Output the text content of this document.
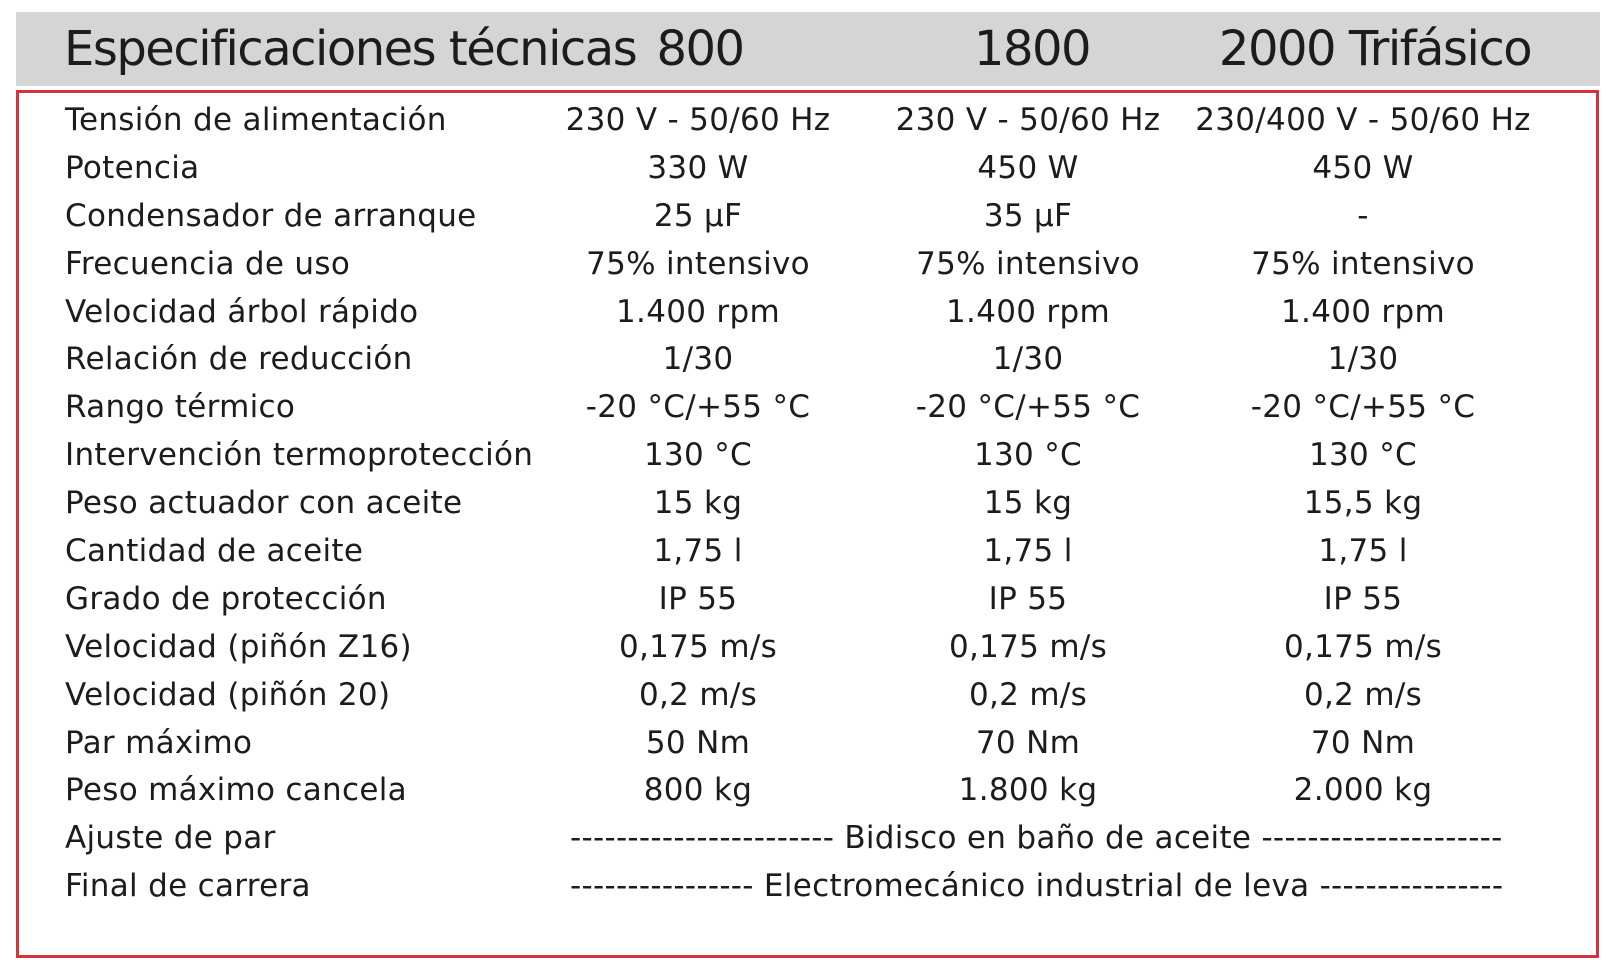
Especificaciones técnicas 800	1800	2000 Trifásico
Tensión de alimentación	230 V - 50/60 Hz	230 V - 50/60 Hz	230/400 V - 50/60 Hz
Potencia	330 W	450 W	450 W
Condensador de arranque	25 μF	35 μF	-
Frecuencia de uso	75% intensivo	75% intensivo	75% intensivo
Velocidad árbol rápido	1.400 rpm	1.400 rpm	1.400 rpm
Relación de reducción	1/30	1/30	1/30
Rango térmico	-20 °C/+55 °C	-20 °C/+55 °C	-20 °C/+55 °C
Intervención termoprotección	130 °C	130 °C	130 °C
Peso actuador con aceite	15 kg	15 kg	15,5 kg
Cantidad de aceite	1,75 l	1,75 l	1,75 l
Grado de protección	IP 55	IP 55	IP 55
Velocidad (piñón Z16)	0,175 m/s	0,175 m/s	0,175 m/s
Velocidad (piñón 20)	0,2 m/s	0,2 m/s	0,2 m/s
Par máximo	50 Nm	70 Nm	70 Nm
Peso máximo cancela	800 kg	1.800 kg	2.000 kg
Ajuste de par	----------------------- Bidisco en baño de aceite ---------------------
Final de carrera	---------------- Electromecánico industrial de leva ----------------
